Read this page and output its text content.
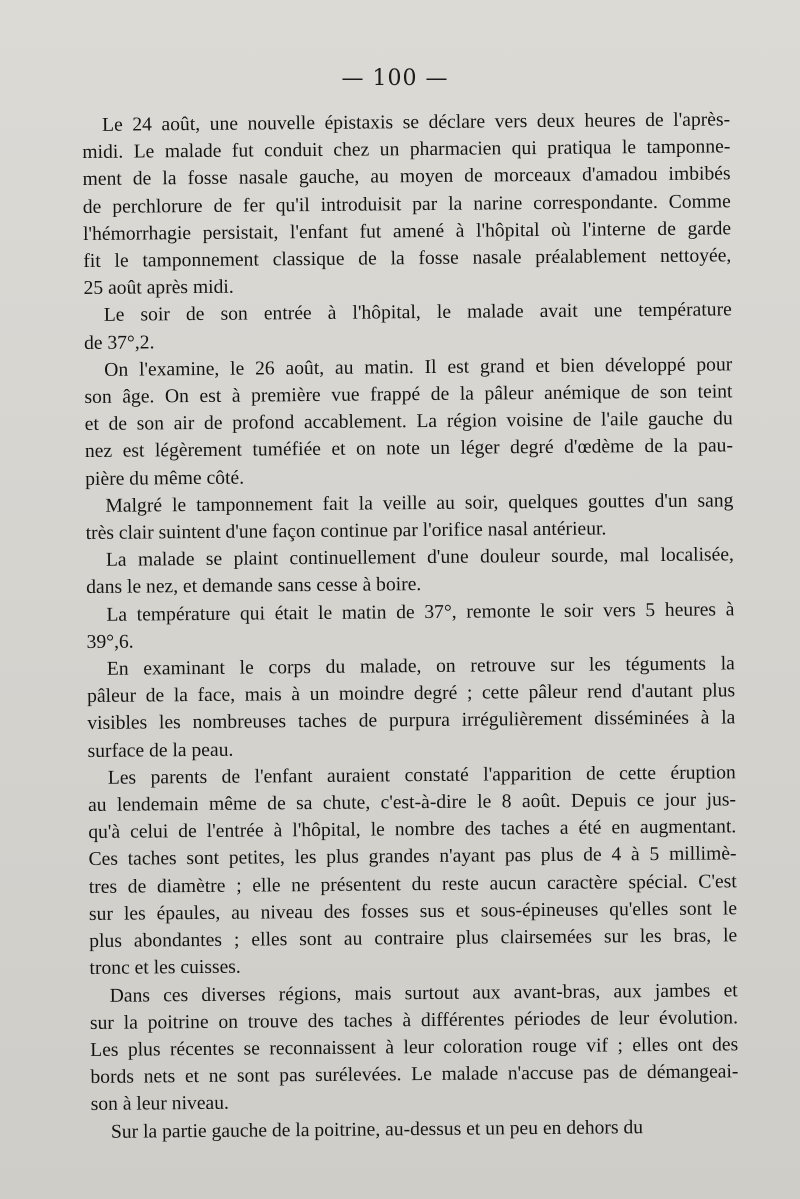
— 100 —
Le 24 août, une nouvelle épistaxis se déclare vers deux heures de l'après-
midi. Le malade fut conduit chez un pharmacien qui pratiqua le tamponne-
ment de la fosse nasale gauche, au moyen de morceaux d'amadou imbibés
de perchlorure de fer qu'il introduisit par la narine correspondante. Comme
l'hémorrhagie persistait, l'enfant fut amené à l'hôpital où l'interne de garde
fit le tamponnement classique de la fosse nasale préalablement nettoyée,
25 août après midi.
Le soir de son entrée à l'hôpital, le malade avait une température
de 37°,2.
On l'examine, le 26 août, au matin. Il est grand et bien développé pour
son âge. On est à première vue frappé de la pâleur anémique de son teint
et de son air de profond accablement. La région voisine de l'aile gauche du
nez est légèrement tuméfiée et on note un léger degré d'œdème de la pau-
pière du même côté.
Malgré le tamponnement fait la veille au soir, quelques gouttes d'un sang
très clair suintent d'une façon continue par l'orifice nasal antérieur.
La malade se plaint continuellement d'une douleur sourde, mal localisée,
dans le nez, et demande sans cesse à boire.
La température qui était le matin de 37°, remonte le soir vers 5 heures à
39°,6.
En examinant le corps du malade, on retrouve sur les téguments la
pâleur de la face, mais à un moindre degré ; cette pâleur rend d'autant plus
visibles les nombreuses taches de purpura irrégulièrement disséminées à la
surface de la peau.
Les parents de l'enfant auraient constaté l'apparition de cette éruption
au lendemain même de sa chute, c'est-à-dire le 8 août. Depuis ce jour jus-
qu'à celui de l'entrée à l'hôpital, le nombre des taches a été en augmentant.
Ces taches sont petites, les plus grandes n'ayant pas plus de 4 à 5 millimè-
tres de diamètre ; elle ne présentent du reste aucun caractère spécial. C'est
sur les épaules, au niveau des fosses sus et sous-épineuses qu'elles sont le
plus abondantes ; elles sont au contraire plus clairsemées sur les bras, le
tronc et les cuisses.
Dans ces diverses régions, mais surtout aux avant-bras, aux jambes et
sur la poitrine on trouve des taches à différentes périodes de leur évolution.
Les plus récentes se reconnaissent à leur coloration rouge vif ; elles ont des
bords nets et ne sont pas surélevées. Le malade n'accuse pas de démangeai-
son à leur niveau.
Sur la partie gauche de la poitrine, au-dessus et un peu en dehors du
